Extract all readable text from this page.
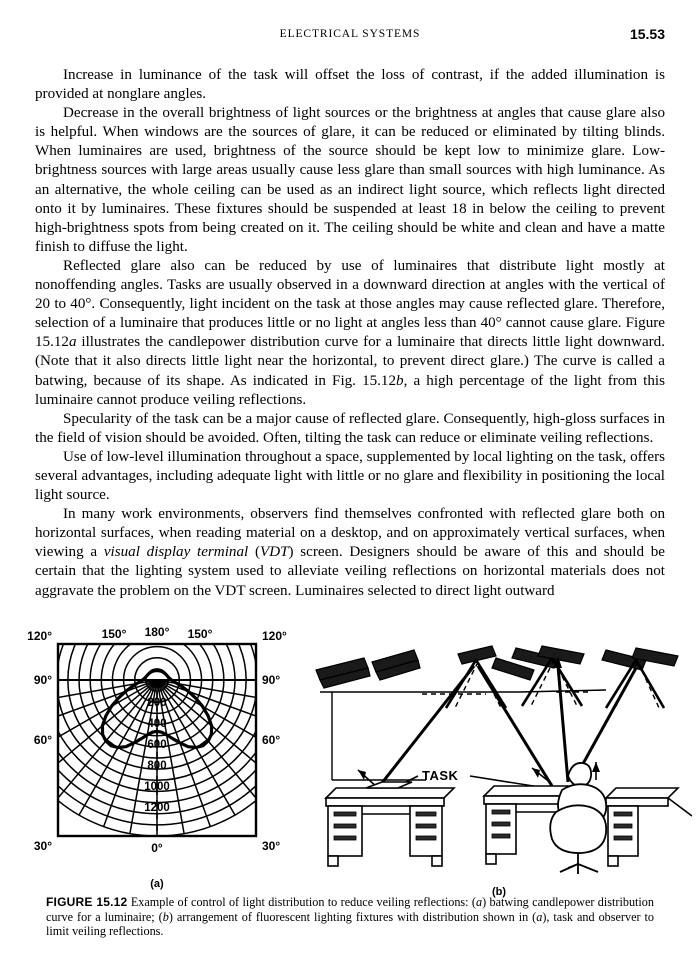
ELECTRICAL SYSTEMS	15.53

Increase in luminance of the task will offset the loss of contrast, if the added illumination is provided at nonglare angles.

Decrease in the overall brightness of light sources or the brightness at angles that cause glare also is helpful. When windows are the sources of glare, it can be reduced or eliminated by tilting blinds. When luminaires are used, brightness of the source should be kept low to minimize glare. Low-brightness sources with large areas usually cause less glare than small sources with high luminance. As an alternative, the whole ceiling can be used as an indirect light source, which reflects light directed onto it by luminaires. These fixtures should be suspended at least 18 in below the ceiling to prevent high-brightness spots from being created on it. The ceiling should be white and clean and have a matte finish to diffuse the light.

Reflected glare also can be reduced by use of luminaires that distribute light mostly at nonoffending angles. Tasks are usually observed in a downward direction at angles with the vertical of 20 to 40°. Consequently, light incident on the task at those angles may cause reflected glare. Therefore, selection of a luminaire that produces little or no light at angles less than 40° cannot cause glare. Figure 15.12a illustrates the candlepower distribution curve for a luminaire that directs little light downward. (Note that it also directs little light near the horizontal, to prevent direct glare.) The curve is called a batwing, because of its shape. As indicated in Fig. 15.12b, a high percentage of the light from this luminaire cannot produce veiling reflections.

Specularity of the task can be a major cause of reflected glare. Consequently, high-gloss surfaces in the field of vision should be avoided. Often, tilting the task can reduce or eliminate veiling reflections.

Use of low-level illumination throughout a space, supplemented by local lighting on the task, offers several advantages, including adequate light with little or no glare and flexibility in positioning the local light source.

In many work environments, observers find themselves confronted with reflected glare both on horizontal surfaces, when reading material on a desktop, and on approximately vertical surfaces, when viewing a visual display terminal (VDT) screen. Designers should be aware of this and should be certain that the lighting system used to alleviate veiling reflections on horizontal materials does not aggravate the problem on the VDT screen. Luminaires selected to direct light outward

200
400
600
800
1000
1200
120°	120°
90°	90°
60°	60°
30°	30°
150° 180° 150°
0°
(a)
TASK
(b)
FIGURE 15.12 Example of control of light distribution to reduce veiling reflections: (a) batwing candlepower distribution curve for a luminaire; (b) arrangement of fluorescent lighting fixtures with distribution shown in (a), task and observer to limit veiling reflections.
